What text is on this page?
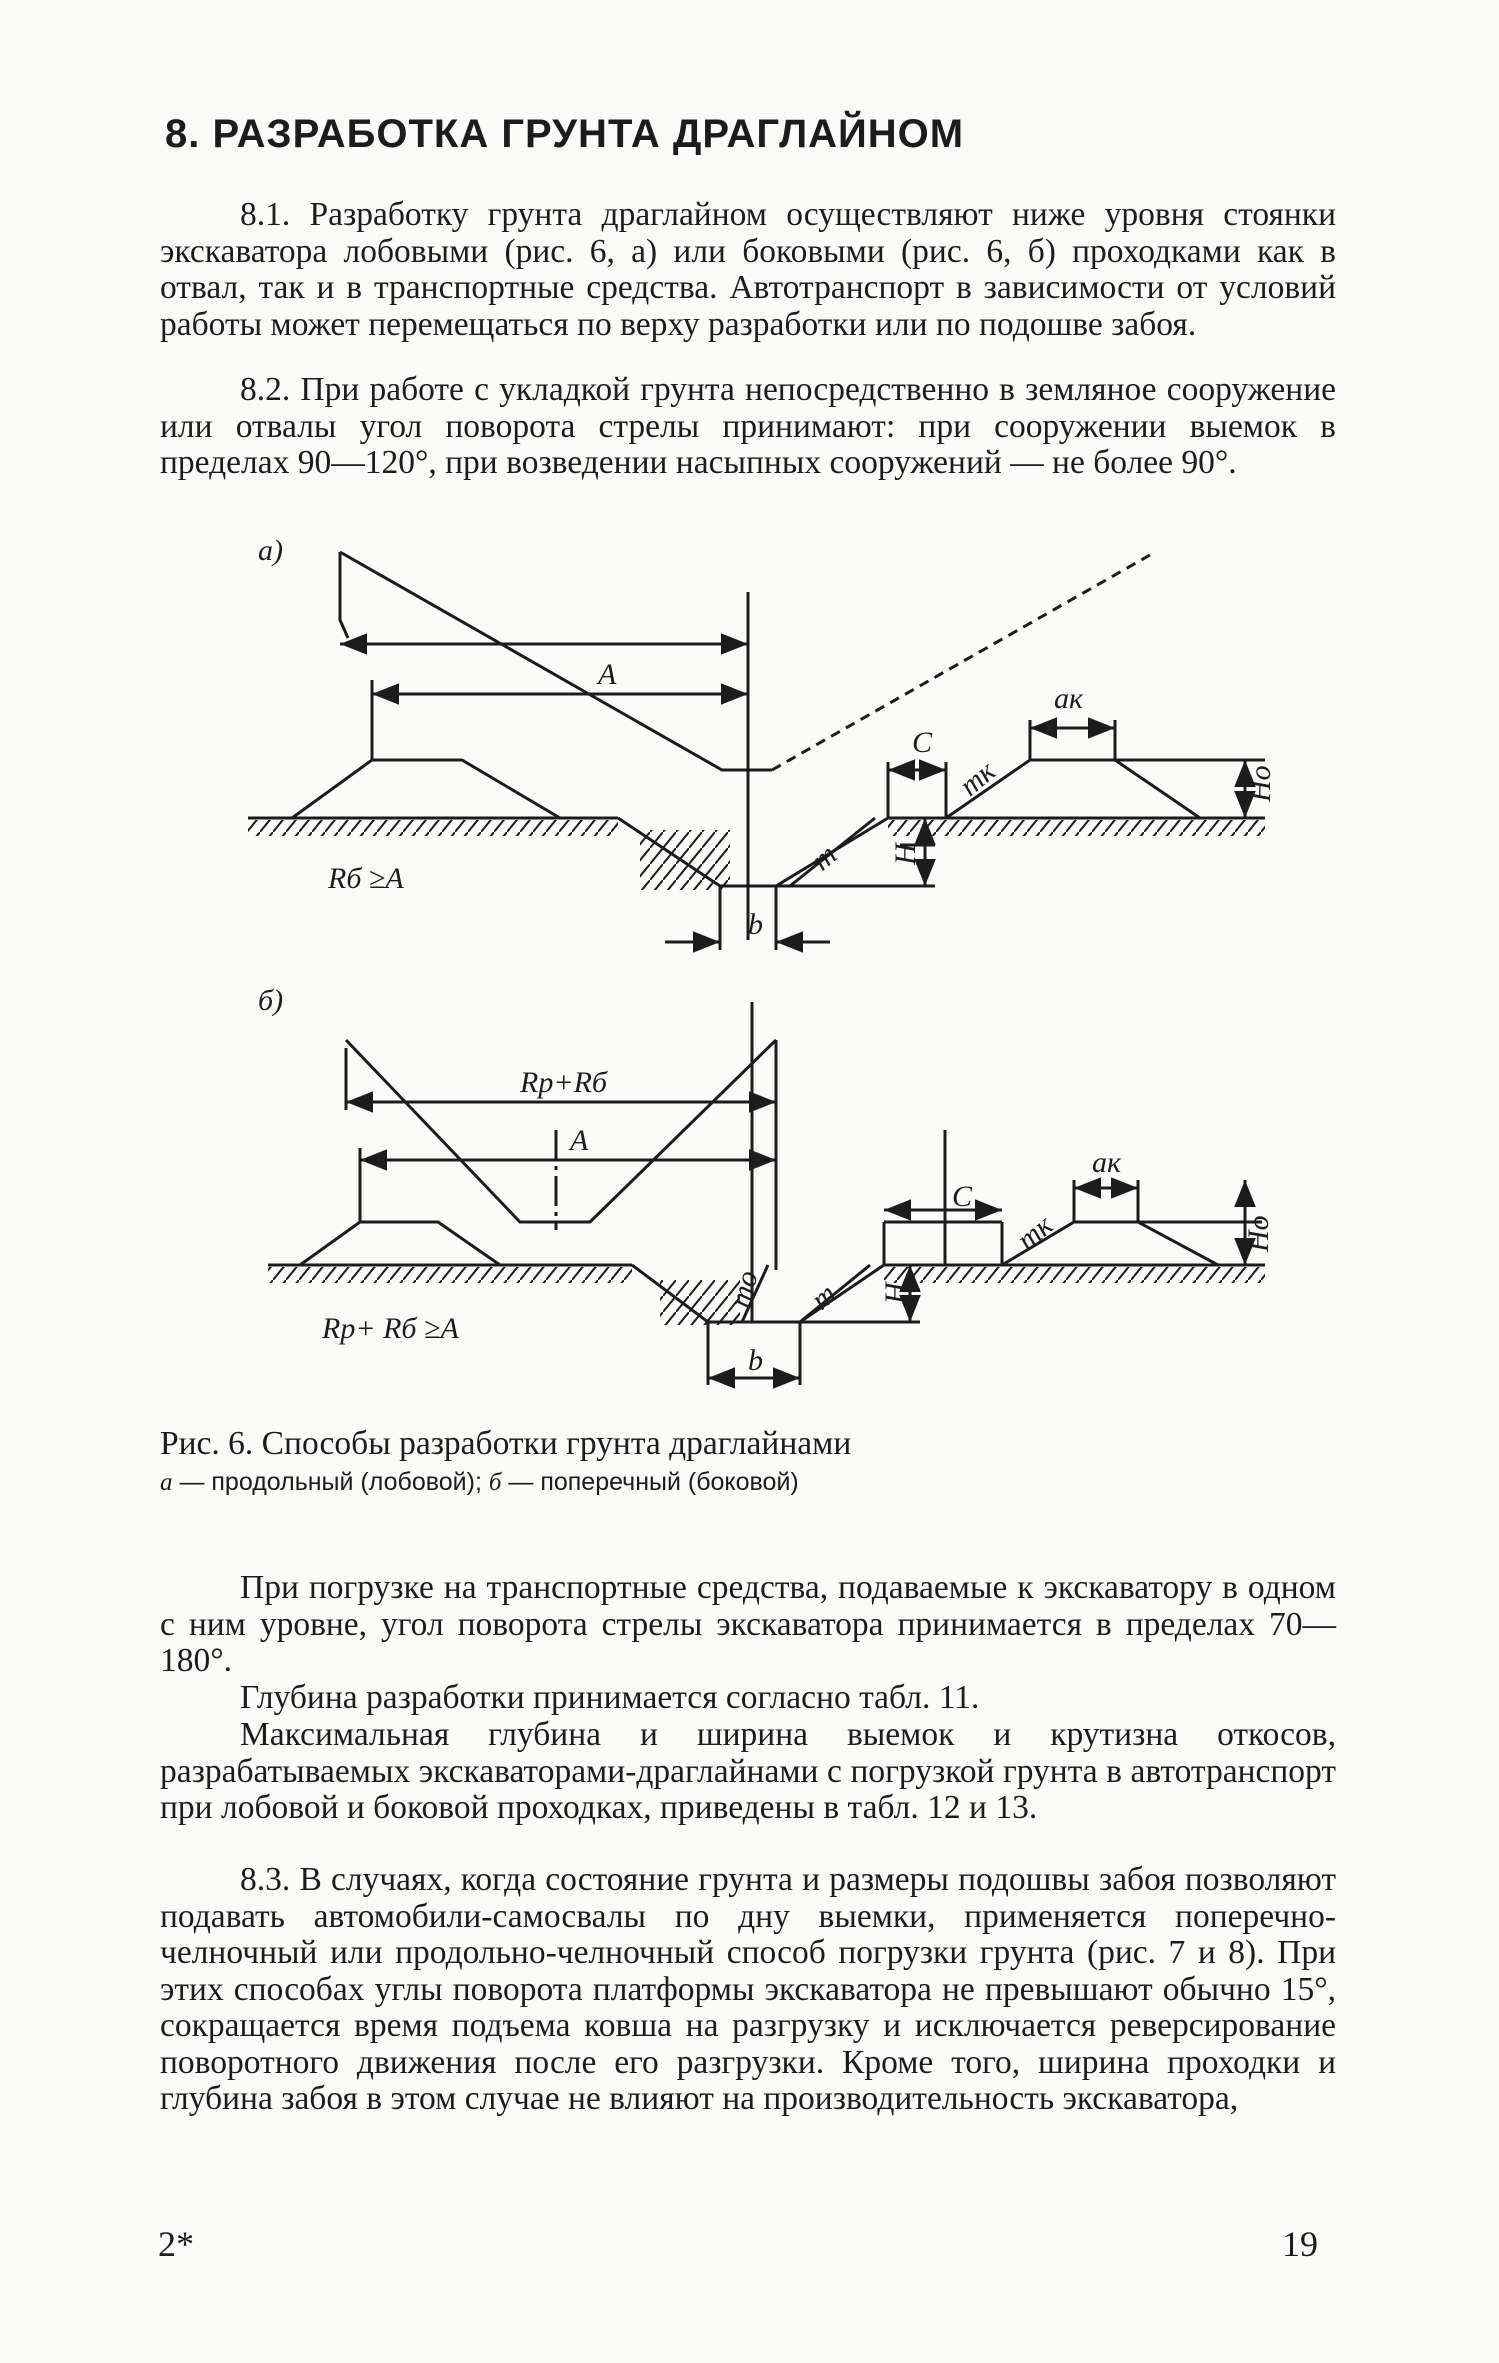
8. РАЗРАБОТКА ГРУНТА ДРАГЛАЙНОМ

8.1. Разработку грунта драглайном осуществляют ниже уровня стоянки экскаватора лобовыми (рис. 6, а) или боковыми (рис. 6, б) проходками как в отвал, так и в транспортные средства. Автотранспорт в зависимости от условий работы может перемещаться по верху разработки или по подошве забоя.

8.2. При работе с укладкой грунта непосредственно в земляное сооружение или отвалы угол поворота стрелы принимают: при сооружении выемок в пределах 90—120°, при возведении насыпных сооружений — не более 90°.

а)
A
C
aк
mк
m H
Hо
b
Rб ≥A
б)
Rр+Rб
A
C
aк
mк
m
mо	H
Hо
b
Rр+ Rб ≥A

Рис. 6. Способы разработки грунта драглайнами

а — продольный (лобовой); б — поперечный (боковой)

При погрузке на транспортные средства, подаваемые к экскаватору в одном с ним уровне, угол поворота стрелы экскаватора принимается в пределах 70—180°.

Глубина разработки принимается согласно табл. 11.

Максимальная глубина и ширина выемок и крутизна откосов, разрабатываемых экскаваторами-драглайнами с погрузкой грунта в автотранспорт при лобовой и боковой проходках, приведены в табл. 12 и 13.

8.3. В случаях, когда состояние грунта и размеры подошвы забоя позволяют подавать автомобили-самосвалы по дну выемки, применяется поперечно-челночный или продольно-челночный способ погрузки грунта (рис. 7 и 8). При этих способах углы поворота платформы экскаватора не превышают обычно 15°, сокращается время подъема ковша на разгрузку и исключается реверсирование поворотного движения после его разгрузки. Кроме того, ширина проходки и глубина забоя в этом случае не влияют на производительность экскаватора,

2*	19
